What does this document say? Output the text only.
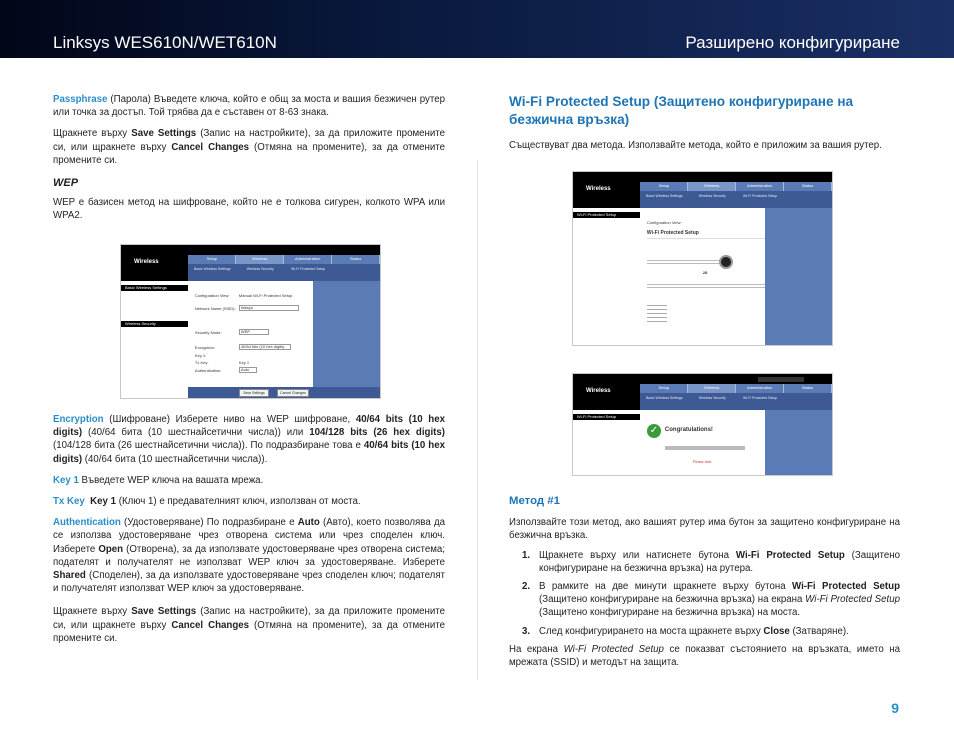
Linksys WES610N/WET610N	Разширено конфигуриране

Passphrase (Парола) Въведете ключа, който е общ за моста и вашия безжичен рутер или точка за достъп. Той трябва да е съставен от 8-63 знака.

Щракнете върху Save Settings (Запис на настройките), за да приложите промените си, или щракнете върху Cancel Changes (Отмяна на промените), за да отмените промените си.

WEP

WEP е базисен метод на шифроване, който не е толкова сигурен, колкото WPA или WPA2.

Wireless
Setup	Wireless	Administration	Status
Basic Wireless Settings	Wireless Security	Wi-Fi Protected Setup
Basic Wireless Settings
Wireless Security
Configuration View: Manual Wi-Fi Protected Setup
Network Name (SSID):	linksys
Security Mode:	WEP
Encryption:	40/64 bits (10 hex digits)
Key 1:
Tx Key:	Key 1
Authentication:	Auto
Save Settings	Cancel Changes

Encryption (Шифроване) Изберете ниво на WEP шифроване, 40/64 bits (10 hex digits) (40/64 бита (10 шестнайсетични числа)) или 104/128 bits (26 hex digits) (104/128 бита (26 шестнайсетични числа)). По подразбиране това е 40/64 bits (10 hex digits) (40/64 бита (10 шестнайсетични числа)).

Key 1 Въведете WEP ключа на вашата мрежа.

Tx Key Key 1 (Ключ 1) е предавателният ключ, използван от моста.

Authentication (Удостоверяване) По подразбиране е Auto (Авто), което позволява да се използва удостоверяване чрез отворена система или чрез споделен ключ. Изберете Open (Отворена), за да използвате удостоверяване чрез отворена система; подателят и получателят не използват WEP ключ за удостоверяване. Изберете Shared (Споделен), за да използвате удостоверяване чрез споделен ключ; подателят и получателят използват WEP ключ за удостоверяване.

Щракнете върху Save Settings (Запис на настройките), за да приложите промените си, или щракнете върху Cancel Changes (Отмяна на промените), за да отмените промените си.

Wi-Fi Protected Setup (Защитено конфигуриране на безжична връзка)

Съществуват два метода. Използвайте метода, който е приложим за вашия рутер.

Wireless
Setup	Wireless	Administration	Status
Basic Wireless Settings	Wireless Security	Wi-Fi Protected Setup
Wi-Fi Protected Setup
Configuration View:
Wi-Fi Protected Setup
28
Wireless
Setup	Wireless	Administration	Status
Basic Wireless Settings	Wireless Security	Wi-Fi Protected Setup
Wi-Fi Protected Setup
✓	Congratulations!
Please click
Метод #1

Използвайте този метод, ако вашият рутер има бутон за защитено конфигуриране на безжична връзка.

1. Щракнете върху или натиснете бутона Wi-Fi Protected Setup (Защитено конфигуриране на безжична връзка) на рутера.
2. В рамките на две минути щракнете върху бутона Wi-Fi Protected Setup (Защитено конфигуриране на безжична връзка) на екрана Wi-Fi Protected Setup (Защитено конфигуриране на безжична връзка) на моста.
3. След конфигурирането на моста щракнете върху Close (Затваряне).

На екрана Wi-Fi Protected Setup се показват състоянието на връзката, името на мрежата (SSID) и методът на защита.

9
